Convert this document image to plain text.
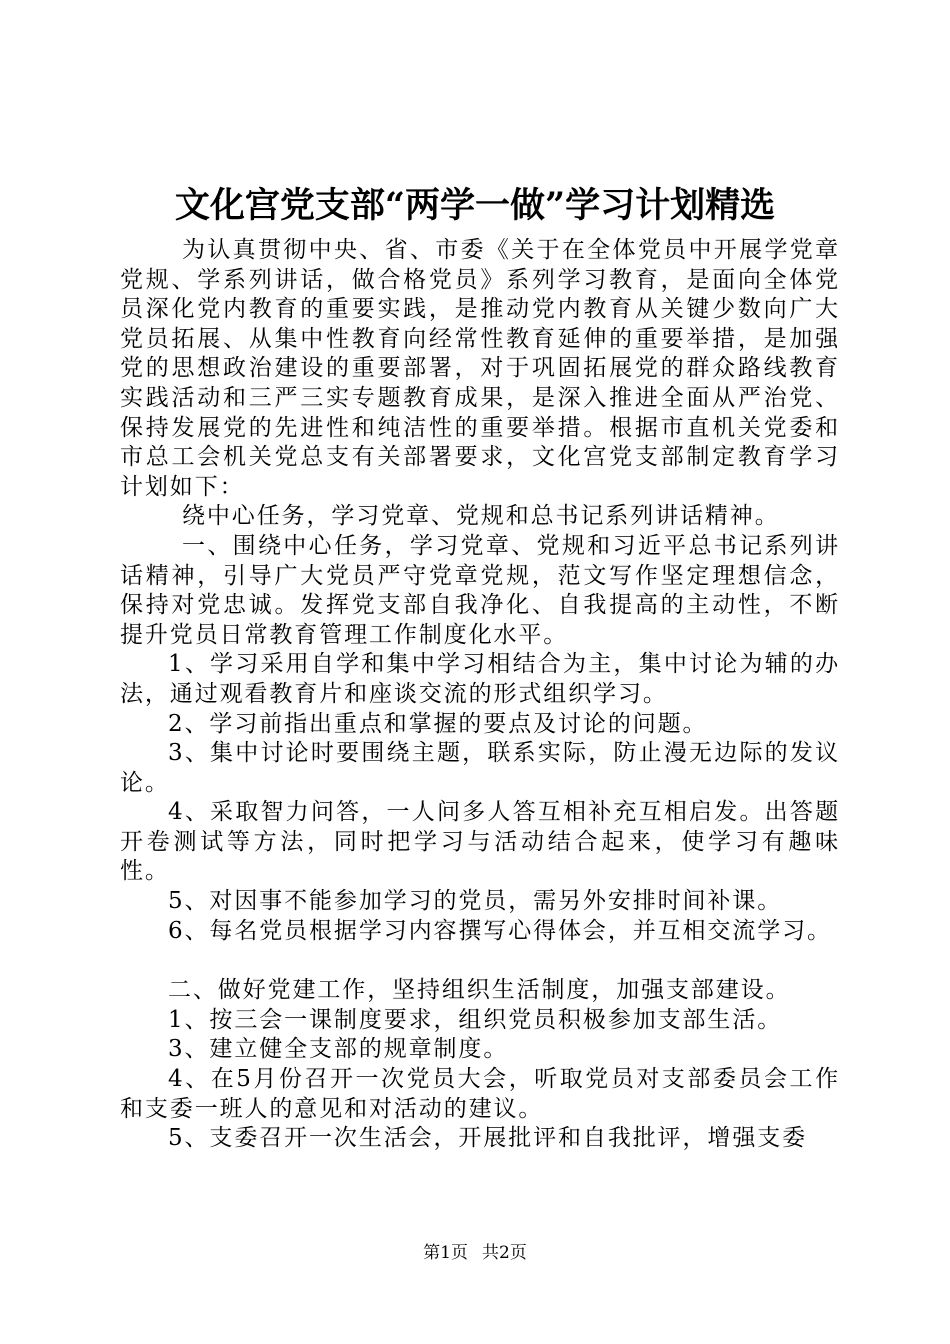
文化宫党支部“两学一做”学习计划精选

为认真贯彻中央、省、市委《关于在全体党员中开展学党章党规、学系列讲话，做合格党员》系列学习教育，是面向全体党员深化党内教育的重要实践，是推动党内教育从关键少数向广大党员拓展、从集中性教育向经常性教育延伸的重要举措，是加强党的思想政治建设的重要部署，对于巩固拓展党的群众路线教育实践活动和三严三实专题教育成果，是深入推进全面从严治党、保持发展党的先进性和纯洁性的重要举措。根据市直机关党委和市总工会机关党总支有关部署要求，文化宫党支部制定教育学习计划如下：

绕中心任务，学习党章、党规和总书记系列讲话精神。

一、围绕中心任务，学习党章、党规和习近平总书记系列讲话精神，引导广大党员严守党章党规，范文写作坚定理想信念，保持对党忠诚。发挥党支部自我净化、自我提高的主动性，不断提升党员日常教育管理工作制度化水平。

1、学习采用自学和集中学习相结合为主，集中讨论为辅的办法，通过观看教育片和座谈交流的形式组织学习。

2、学习前指出重点和掌握的要点及讨论的问题。

3、集中讨论时要围绕主题，联系实际，防止漫无边际的发议论。

4、采取智力问答，一人问多人答互相补充互相启发。出答题开卷测试等方法，同时把学习与活动结合起来，使学习有趣味性。

5、对因事不能参加学习的党员，需另外安排时间补课。

6、每名党员根据学习内容撰写心得体会，并互相交流学习。

二、做好党建工作，坚持组织生活制度，加强支部建设。

1、按三会一课制度要求，组织党员积极参加支部生活。

3、建立健全支部的规章制度。

4、在5月份召开一次党员大会，听取党员对支部委员会工作和支委一班人的意见和对活动的建议。

5、支委召开一次生活会，开展批评和自我批评，增强支委

第1页 共2页
